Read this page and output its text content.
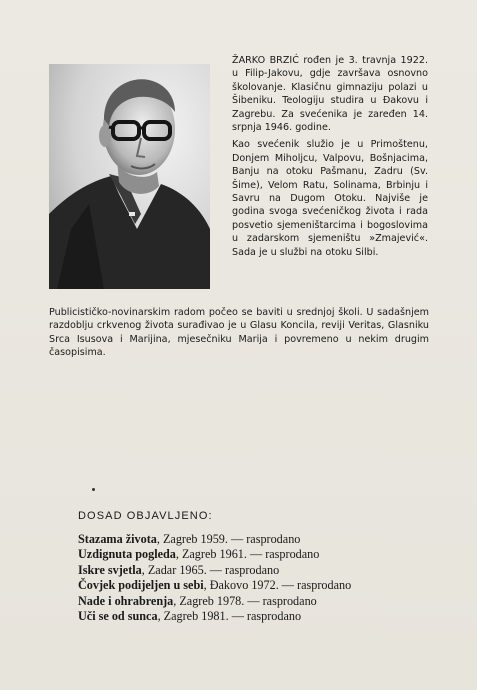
ŽARKO BRZIĆ rođen je 3. travnja 1922. u Filip-Jakovu, gdje završava osnovno školovanje. Klasičnu gimnaziju polazi u Šibeniku. Teologiju studira u Đakovu i Zagrebu. Za svećenika je zaređen 14. srpnja 1946. godine.

Kao svećenik služio je u Primoštenu, Donjem Miholjcu, Valpovu, Bošnjacima, Banju na otoku Pašmanu, Zadru (Sv. Šime), Velom Ratu, Solinama, Brbinju i Savru na Dugom Otoku. Najviše je godina svoga svećeničkog života i rada posvetio sjemeništarcima i bogoslovima u zadarskom sjemeništu »Zmajević«. Sada je u službi na otoku Silbi.

Publicističko-novinarskim radom počeo se baviti u srednjoj školi. U sadašnjem razdoblju crkvenog života surađivao je u Glasu Koncila, reviji Veritas, Glasniku Srca Isusova i Marijina, mjesečniku Marija i povremeno u nekim drugim časopisima.

DOSAD OBJAVLJENO:
Stazama života, Zagreb 1959. — rasprodano
Uzdignuta pogleda, Zagreb 1961. — rasprodano
Iskre svjetla, Zadar 1965. — rasprodano
Čovjek podijeljen u sebi, Đakovo 1972. — rasprodano
Nade i ohrabrenja, Zagreb 1978. — rasprodano
Uči se od sunca, Zagreb 1981. — rasprodano
